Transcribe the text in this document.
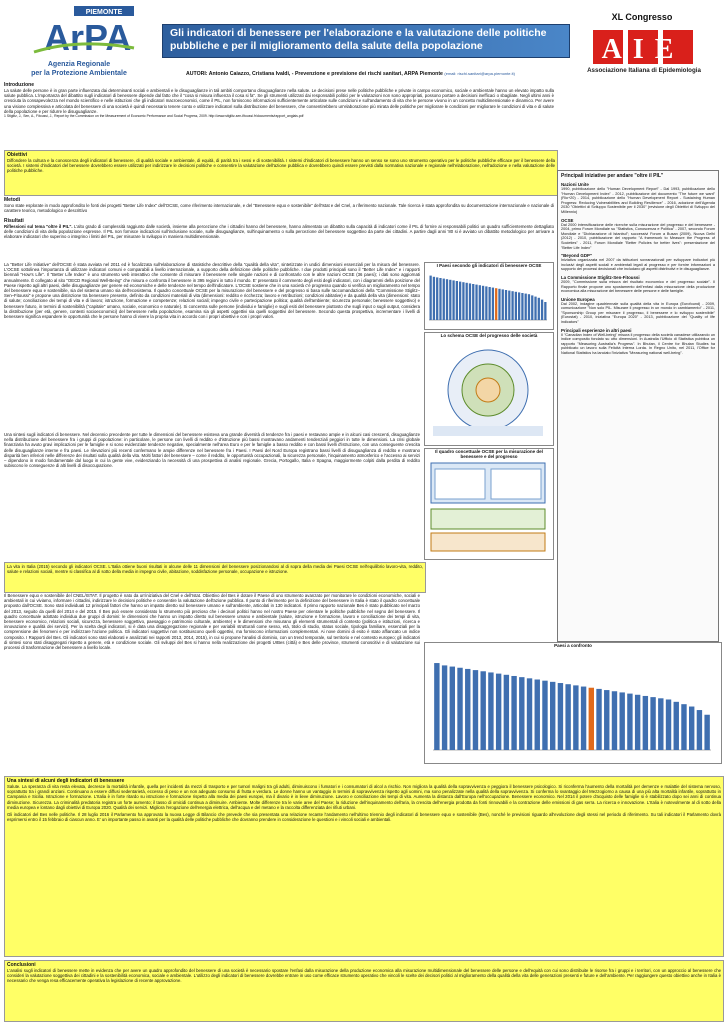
PIEMONTE
ArPA
Agenzia Regionale
per la Protezione Ambientale
Gli indicatori di benessere per l'elaborazione e la valutazione delle politiche pubbliche e per il miglioramento della salute della popolazione
AUTORI: Antonio Caiazzo, Cristiana Ivaldi, - Prevenzione e previsione dei rischi sanitari, ARPA Piemonte (email: rischi.sanitari@arpa.piemonte.it)
XL Congresso
AIE
Associazione Italiana di Epidemiologia
Introduzione
La salute delle persone è in gran parte influenzata dai determinanti sociali e ambientali e le disuguaglianze in tali ambiti comportano disuguaglianze nella salute. Le decisioni prese nelle politiche pubbliche e private in campo economico, sociale e ambientale hanno un elevato impatto sulla salute pubblica. L'importanza del dibattito sugli indicatori di benessere dipende dal fatto che il "cosa si misura influenza il cosa si fa". Se gli strumenti utilizzati dai responsabili politici per le valutazioni non sono appropriati, possono portare a decisioni inefficaci o sbagliate. Negli ultimi anni è cresciuta la consapevolezza nel mondo scientifico e nelle istituzioni che gli indicatori macroeconomici, come il PIL, non forniscono informazioni sufficientemente articolate sulle condizioni e sull'andamento di vita che le persone vivono in un concetto multidimensionale e dinamico. Per avere una visione complessiva e articolata del benessere di una società è quindi necessario tenere conto e utilizzare indicatori sulla distribuzione del benessere, che consentirebbero un'elaborazione più mirata delle politiche per migliorare le condizioni per migliorare le condizioni di vita e di salute della popolazione e per ridurre le disuguaglianze.
1 Stiglitz, J., Sen, A., Fitoussi, J., Report by the Commission on the Measurement of Economic Performance and Social Progress, 2009. http://www.stiglitz-sen-fitoussi.fr/documents/rapport_anglais.pdf
Obiettivi
Diffondere la cultura e la conoscenza degli indicatori di benessere, di qualità sociale e ambientale, di equità, di parità tra i sessi e di sostenibilità. I sistemi d'indicatori di benessere hanno un senso se sono uno strumento operativo per le politiche pubbliche efficace per il benessere della società. I sistemi d'indicatori del benessere dovrebbero essere utilizzati per indirizzare le decisioni politiche e consentire la valutazione dell'azione pubblica e dovrebbero quindi essere previsti dalla normativa nazionale e regionale nell'elaborazione, nell'adozione e nella valutazione delle politiche pubbliche.
Metodi
Sono state esplorate in modo approfondito le fonti dei progetti "Better Life Index" dell'OCSE, come riferimento internazionale, e del "Benessere equo e sostenibile" dell'Istat e del Cnel, a riferimento nazionale. Tale ricerca è stata approfondita su documentazione internazionale e nazionale di carattere teorico, metodologico e descrittivo
Risultati
Riflessioni sul tema "oltre il PIL". L'alto grado di complessità raggiunto dalle società, insieme alla percezione che i cittadini hanno del benessere, hanno alimentato un dibattito sulla capacità di indicatori come il PIL di fornire ai responsabili politici un quadro sufficientemente dettagliato delle condizioni di vita della popolazione espresse. Il PIL non fornisce indicazioni sull'inclusione sociale, sulle disuguaglianze, sull'inquinamento o sulla percezione del benessere soggettivo da parte dei cittadini. A partire dagli anni '80 si è avviato un dibattito metodologico per arrivare a elaborare indicatori che superino o integrino i limiti del PIL, per misurare lo sviluppo in maniera multidimensionale.
La "Better Life Initiative" dell'OCSE è stata avviata nel 2011 ed è focalizzata sull'elaborazione di statistiche descrittive della "qualità della vita", sintetizzate in undici dimensioni essenziali per la misura del benessere. L'OCSE sottolinea l'importanza di utilizzare indicatori comuni e comparabili a livello internazionale, a supporto della definizione delle politiche pubbliche. I due prodotti principali sono il "Better Life Index" e i rapporti biennali "How's Life". Il "Better Life Index" è uno strumento web interattivo che consente di misurare il benessere nelle singole nazioni e di confrontarlo con le altre nazioni OCSE (36 paesi); i dati sono aggiornati annualmente. È collegato al sito "OECD Regional Well-Being" che misura e confronta il benessere in 395 regioni in tutto il mondo. E' presentato il commento degli esiti degli indicatori, con i diagrammi della posizione del Paese rispetto agli altri paesi, delle disuguaglianze per genere ed economiche e delle tendenze nel tempo dell'indicatore. L'OCSE sostiene che in una società c'è progresso quando si verifica un miglioramento nel tempo del benessere equo e sostenibile, sia del sistema umano sia dell'ecosistema. Il quadro concettuale OCSE per la misurazione del benessere e del progresso si basa sulle raccomandazioni della "Commissione Stiglitz–Sen–Fitoussi" e propone una distinzione tra benessere presente, definito da condizioni materiali di vita (dimensioni: reddito e ricchezza; lavoro e retribuzioni; condizioni abitative) e da qualità della vita (dimensioni: stato di salute; conciliazione dei tempi di vita e di lavoro; istruzione, formazione e competenze; relazioni sociali; impegno civile e partecipazione politica; qualità dell'ambiente; sicurezza personale; benessere soggettivo) e benessere futuro, in termini di sostenibilità ("capitale" umano, sociale, economico e naturale). Si concentra sulle persone (individui e famiglie) e sugli esiti del benessere piuttosto che sugli input o sugli output, considera la distribuzione (per età, genere, contesti socioeconomici) del benessere nella popolazione, esamina sia gli aspetti oggettivi sia quelli soggettivi del benessere. Secondo questa prospettiva, incrementare i livelli di benessere significa espandere le opportunità che le persone hanno di vivere la propria vita in accordo con i propri obiettivi e con i propri valori.
Una sintesi sugli indicatori di benessere. Nel decennio precedente per tutte le dimensioni del benessere esisteva una grande diversità di tendenze fra i paesi e restavano ampie e in alcuni casi crescenti, disuguaglianze nella distribuzione del benessere fra i gruppi di popolazione: in particolare, le persone con livelli di reddito e d'istruzione più bassi mostravano andamenti tendenziali peggiori in tutte le dimensioni. La crisi globale finanziaria ha avuto gravi implicazioni per le famiglie e si sono evidenziate tendenze negative, specialmente nell'area Euro e per le famiglie a basso reddito e con bassi livelli d'istruzione, con una conseguente crescita delle disuguaglianze interne e fra paesi. Le rilevazioni più recenti confermano le ampie differenze nel benessere fra i Paesi. I Paesi del Nord Europa registrano bassi livelli di disuguaglianza di reddito e mostrano disparità ben inferiori nelle differenze dei risultati sulla qualità della vita. Molti fattori del benessere – come il reddito, le opportunità occupazionali, la sicurezza personale, l'inquinamento atmosferico e l'accesso ai servizi – dipendono in modo fondamentale dal luogo in cui la gente vive, evidenziando la necessità di una prospettiva di analisi regionale. Grecia, Portogallo, Italia e Spagna, maggiormente colpiti dalla perdita di reddito subiscono le conseguenze di alti livelli di disoccupazione.
I Paesi secondo gli indicatori di benessere OCSE
Lo schema OCSE del progresso delle società
Il quadro concettuale OCSE per la misurazione del benessere e del progresso
La vita in Italia (2015) secondo gli indicatori OCSE. L'Italia ottiene buoni risultati in alcune delle 11 dimensioni del benessere posizionandosi al di sopra della media dei Paesi OCSE nell'equilibrio lavoro-vita, reddito, salute e relazioni sociali, mentre si classifica al di sotto della media in impegno civile, abitazione, soddisfazione personale, occupazione e istruzione.
Paesi a confronto
Il Benessere equo e sostenibile del CNEL/ISTAT. Il progetto è nato da un'iniziativa del Cnel e dell'Istat. Obiettivo del Bes è dotare il Paese di uno strumento avanzato per monitorare le condizioni economiche, sociali e ambientali in cui viviamo, informare i cittadini, indirizzare le decisioni politiche e consentire la valutazione dell'azione pubblica. Il punto di riferimento per la definizione del benessere in Italia è stato il quadro concettuale proposto dall'OCSE. Sono stati individuati 12 principali fattori che hanno un impatto diretto sul benessere umano e sull'ambiente, articolati in 130 indicatori. Il primo rapporto nazionale Bes è stato pubblicato nel marzo del 2013, seguito da quelli del 2014 e del 2015. Il Bes può essere considerato lo strumento più prezioso che i decisori politici hanno nel nostro Paese per orientare le politiche pubbliche nel segno del benessere. Il quadro concettuale adottato individua due gruppi di domini: le dimensioni che hanno un impatto diretto sul benessere umano e ambientale (salute, istruzione e formazione, lavoro e conciliazione dei tempi di vita, benessere economico, relazioni sociali, sicurezza, benessere soggettivo, paesaggio e patrimonio culturale, ambiente) e le dimensioni che misurano gli elementi strumentali di contesto (politica e istituzioni, ricerca e innovazione e qualità dei servizi). Per la scelta degli indicatori, si è data una disaggregazione regionale e per variabili strutturali come sesso, età, titolo di studio, status sociale, tipologia familiare, essenziali per la comprensione dei fenomeni e per indirizzare l'azione politica. Gli indicatori soggettivi non sostituiscono quelli oggettivi, ma forniscono informazioni complementari. Ai nove domini di esito è stato affiancato un indice composito. I Rapporti del Bes. Gli indicatori sono stati elaborati e analizzati nei rapporti 2013, 2014, 2015), in cui si propone l'analisi di dominio, con un trend temporale, sul territorio e nel contesto europeo; gli indicatori di sintesi sono stati disaggregati rispetto a genere, età e condizione sociale. Gli sviluppi del Bes si hanno nella realizzazione dei progetti UrBes (città) e Bes delle province, strumenti conoscitivi e di valutazione sui processi di trasformazione del benessere a livello locale.
Una sintesi di alcuni degli indicatori di benessere
Salute. La speranza di vita resta elevata, decresce la mortalità infantile, quella per incidenti da mezzi di trasporto e per tumori maligni tra gli adulti, diminuiscono i fumatori e i consumatori di alcol a rischio. Non migliora la qualità della sopravvivenza e peggiora il benessere psicologico. Si riconferma l'aumento della mortalità per demenze e malattie del sistema nervoso, soprattutto tra i grandi anziani. Continuano a essere diffusi sedentarietà, eccesso di peso e un non adeguato consumo di frutta e verdura. Le donne hanno un vantaggio in termini di sopravvivenza rispetto agli uomini, ma sono penalizzate nella qualità della sopravvivenza. Si conferma lo svantaggio del Mezzogiorno a causa di una più alta mortalità infantile, soprattutto in Campania e Sicilia. Istruzione e formazione. L'Italia è in forte ritardo su istruzione e formazione rispetto alla media dei paesi europei, ma il divario è in lieve diminuzione. Lavoro e conciliazione dei tempi di vita. Aumenta la distanza dall'Europa nell'occupazione. Benessere economico. Nel 2014 il potere d'acquisto delle famiglie si è stabilizzato dopo sei anni di continua diminuzione. Sicurezza. La criminalità predatoria registra un forte aumento; il tasso di omicidi continua a diminuire. Ambiente. Molte differenze tra le varie aree del Paese; la riduzione dell'inquinamento dell'aria, la crescita dell'energia prodotta da fonti rinnovabili e la contrazione delle emissioni di gas serra. La ricerca e innovazione. L'Italia è notevolmente al di sotto della media europea e lontano dagli obiettivi di Europa 2020. Qualità dei servizi. Migliora l'erogazione dell'energia elettrica, dell'acqua e del metano e la raccolta differenziata dei rifiuti urbani.
Gli indicatori del Bes nelle politiche. Il 28 luglio 2016 il Parlamento ha approvato la nuova Legge di Bilancio che prevede che sia presentata una relazione recante l'andamento nell'ultimo triennio degli indicatori di benessere equo e sostenibile (Bes), nonché le previsioni riguardo all'evoluzione degli stessi nel periodo di riferimento. Su tali indicatori il Parlamento dovrà esprimersi entro il 15 febbraio di ciascun anno. E' un importante passo in avanti per la qualità delle politiche pubbliche che dovranno prendere in considerazione le questioni e i vincoli sociali e ambientali.
Conclusioni
L'analisi sugli indicatori di benessere mette in evidenza che per avere un quadro approfondito del benessere di una società è necessario spostare l'enfasi dalla misurazione della produzione economica alla misurazione multidimensionale del benessere delle persone e dell'equità con cui sono distribuite le risorse fra i gruppi e i territori, con un approccio al benessere che consideri la valutazione soggettiva dei cittadini e la sostenibilità economica, sociale e ambientale. L'utilizzo degli indicatori di benessere dovrebbe entrare in uso come efficace strumento operativo che vincoli le scelte dei decisori politici al miglioramento della qualità della vita delle generazioni presenti e future e dell'ambiente. Per raggiungere questo obiettivo anche in Italia è necessario che venga resa efficacemente operativa la legislazione di recente approvazione.
Principali iniziative per andare "oltre il PIL"
Nazioni Unite
1990, pubblicazione dello "Human Development Report" - Dal 1993, pubblicazione dello "Human Development Index" - 2012, pubblicazione del documento "The future we want" (Rio+20) - 2014, pubblicazione dello "Human Development Report - Sustaining Human Progress: Reducing Vulnerabilities and Building Resilience" - 2016, adozione dell'Agenda 2030 "Obiettivi di Sviluppo Sostenibile per il 2030" (revisione degli Obiettivi di Sviluppo del Millennio)
OCSE
Dal 2000 intensificazione delle ricerche sulla misurazione del progresso e del benessere - 2004, primo Forum Mondiale su "Statistics, Conoscenza e Politica" - 2007, secondo Forum Mondiale e "Dichiarazione di Istanbul"; successivi Forum a Busan (2009), Nuova Delhi (2012) - 2010, pubblicazione del rapporto "A framework to Measure the Progress of Societies" - 2011, Forum Mondiale "Better Policies for better lives": presentazione del "Better Life Index"
"Beyond GDP"
Iniziativa organizzata nel 2007 da istituzioni sovranazionali per sviluppare indicatori più inclusivi degli aspetti sociali e ambientali legati al progresso e per fornire informazioni a supporto dei processi decisionali che includano gli aspetti distributivi e le disuguaglianze.
La Commissione Stiglitz-Sen-Fitoussi
2009, "Commissione sulla misura del risultato economico e del progresso sociale". Il Rapporto finale propone uno spostamento dell'enfasi dalla misurazione della produzione economica alla misurazione del benessere delle persone e delle famiglie.
Unione Europea
Dal 2002, indagine quadriennale sulla qualità della vita in Europa (Eurofound) - 2009, comunicazione "Non solo PIL. Misurare il progresso in un mondo in cambiamento" - 2011, "Sponsorship Group per misurare il progresso, il benessere e lo sviluppo sostenibile" (Eurostat) - 2010, iniziativa "Europa 2020" - 2013, pubblicazione del "Quality of life indicators"
Principali esperienze in altri paesi
Il "Canadian Index of Well-being" misura il progresso della società canadese utilizzando un indice composito fondato su otto dimensioni. In Australia l'Ufficio di Statistica pubblica un rapporto "Measuring Australia's Progress". In Bhutan, il Centre for Bhutan Studies ha pubblicato un lavoro sulla Felicità Interna Lorda. In Regno Unito, nel 2011, l'Office for National Statistics ha lanciato l'iniziativa "Measuring national well-being".
